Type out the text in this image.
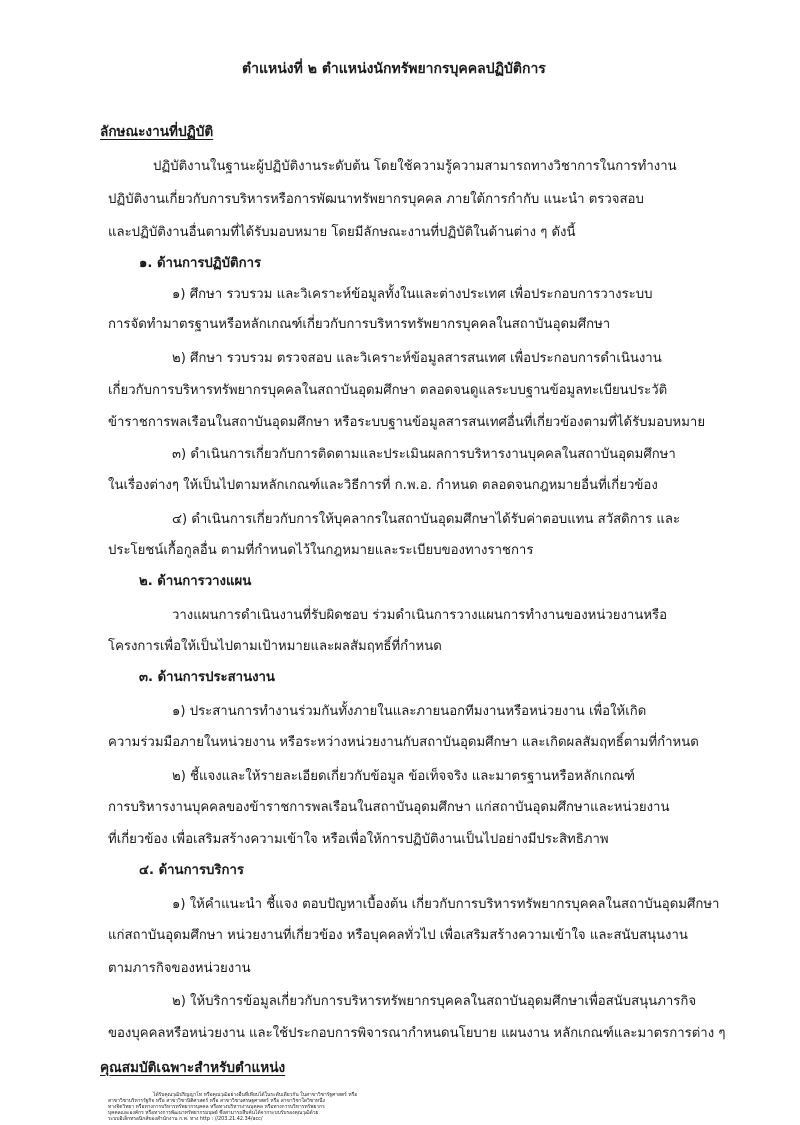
ตำแหน่งที่ ๒ ตำแหน่งนักทรัพยากรบุคคลปฏิบัติการ
ลักษณะงานที่ปฏิบัติ
ปฏิบัติงานในฐานะผู้ปฏิบัติงานระดับต้น โดยใช้ความรู้ความสามารถทางวิชาการในการทำงาน
ปฏิบัติงานเกี่ยวกับการบริหารหรือการพัฒนาทรัพยากรบุคคล ภายใต้การกำกับ แนะนำ ตรวจสอบ
และปฏิบัติงานอื่นตามที่ได้รับมอบหมาย โดยมีลักษณะงานที่ปฏิบัติในด้านต่าง ๆ ดังนี้
๑. ด้านการปฏิบัติการ
๑) ศึกษา รวบรวม และวิเคราะห์ข้อมูลทั้งในและต่างประเทศ เพื่อประกอบการวางระบบ
การจัดทำมาตรฐานหรือหลักเกณฑ์เกี่ยวกับการบริหารทรัพยากรบุคคลในสถาบันอุดมศึกษา
๒) ศึกษา รวบรวม ตรวจสอบ และวิเคราะห์ข้อมูลสารสนเทศ เพื่อประกอบการดำเนินงาน
เกี่ยวกับการบริหารทรัพยากรบุคคลในสถาบันอุดมศึกษา ตลอดจนดูแลระบบฐานข้อมูลทะเบียนประวัติ
ข้าราชการพลเรือนในสถาบันอุดมศึกษา หรือระบบฐานข้อมูลสารสนเทศอื่นที่เกี่ยวข้องตามที่ได้รับมอบหมาย
๓) ดำเนินการเกี่ยวกับการติดตามและประเมินผลการบริหารงานบุคคลในสถาบันอุดมศึกษา
ในเรื่องต่างๆ ให้เป็นไปตามหลักเกณฑ์และวิธีการที่ ก.พ.อ. กำหนด ตลอดจนกฎหมายอื่นที่เกี่ยวข้อง
๔) ดำเนินการเกี่ยวกับการให้บุคลากรในสถาบันอุดมศึกษาได้รับค่าตอบแทน สวัสดิการ และ
ประโยชน์เกื้อกูลอื่น ตามที่กำหนดไว้ในกฎหมายและระเบียบของทางราชการ
๒. ด้านการวางแผน
วางแผนการดำเนินงานที่รับผิดชอบ ร่วมดำเนินการวางแผนการทำงานของหน่วยงานหรือ
โครงการเพื่อให้เป็นไปตามเป้าหมายและผลสัมฤทธิ์ที่กำหนด
๓. ด้านการประสานงาน
๑) ประสานการทำงานร่วมกันทั้งภายในและภายนอกทีมงานหรือหน่วยงาน เพื่อให้เกิด
ความร่วมมือภายในหน่วยงาน หรือระหว่างหน่วยงานกับสถาบันอุดมศึกษา และเกิดผลสัมฤทธิ์ตามที่กำหนด
๒) ชี้แจงและให้รายละเอียดเกี่ยวกับข้อมูล ข้อเท็จจริง และมาตรฐานหรือหลักเกณฑ์
การบริหารงานบุคคลของข้าราชการพลเรือนในสถาบันอุดมศึกษา แก่สถาบันอุดมศึกษาและหน่วยงาน
ที่เกี่ยวข้อง เพื่อเสริมสร้างความเข้าใจ หรือเพื่อให้การปฏิบัติงานเป็นไปอย่างมีประสิทธิภาพ
๔. ด้านการบริการ
๑) ให้คำแนะนำ ชี้แจง ตอบปัญหาเบื้องต้น เกี่ยวกับการบริหารทรัพยากรบุคคลในสถาบันอุดมศึกษา
แก่สถาบันอุดมศึกษา หน่วยงานที่เกี่ยวข้อง หรือบุคคลทั่วไป เพื่อเสริมสร้างความเข้าใจ และสนับสนุนงาน
ตามภารกิจของหน่วยงาน
๒) ให้บริการข้อมูลเกี่ยวกับการบริหารทรัพยากรบุคคลในสถาบันอุดมศึกษาเพื่อสนับสนุนภารกิจ
ของบุคคลหรือหน่วยงาน และใช้ประกอบการพิจารณากำหนดนโยบาย แผนงาน หลักเกณฑ์และมาตรการต่าง ๆ
คุณสมบัติเฉพาะสำหรับตำแหน่ง
ได้รับคุณวุฒิปริญญาโท หรือคุณวุฒิอย่างอื่นที่เทียบได้ในระดับเดียวกัน ในสาขาวิชารัฐศาสตร์ หรือ
สาขาวิชาบริหารรัฐกิจ หรือ สาขาวิชานิติศาสตร์ หรือ สาขาวิชาเศรษฐศาสตร์ หรือ สาขาวิชาใดวิชาหนึ่ง
ทางจิตวิทยา หรือทางการบริหารทรัพยากรบุคคล หรือทางบริหารงานบุคคล หรือทางการบริหารทรัพยากร
บุคคลและองค์กร หรือทางการพัฒนาทรัพยากรมนุษย์ ซึ่งสามารถสืบค้นได้จากระบบรับรองคุณวุฒิด้วย
ระบบอิเล็กทรอนิกส์ของสำนักงาน ก.พ. ทาง http : //203.21.42.34/acc/
